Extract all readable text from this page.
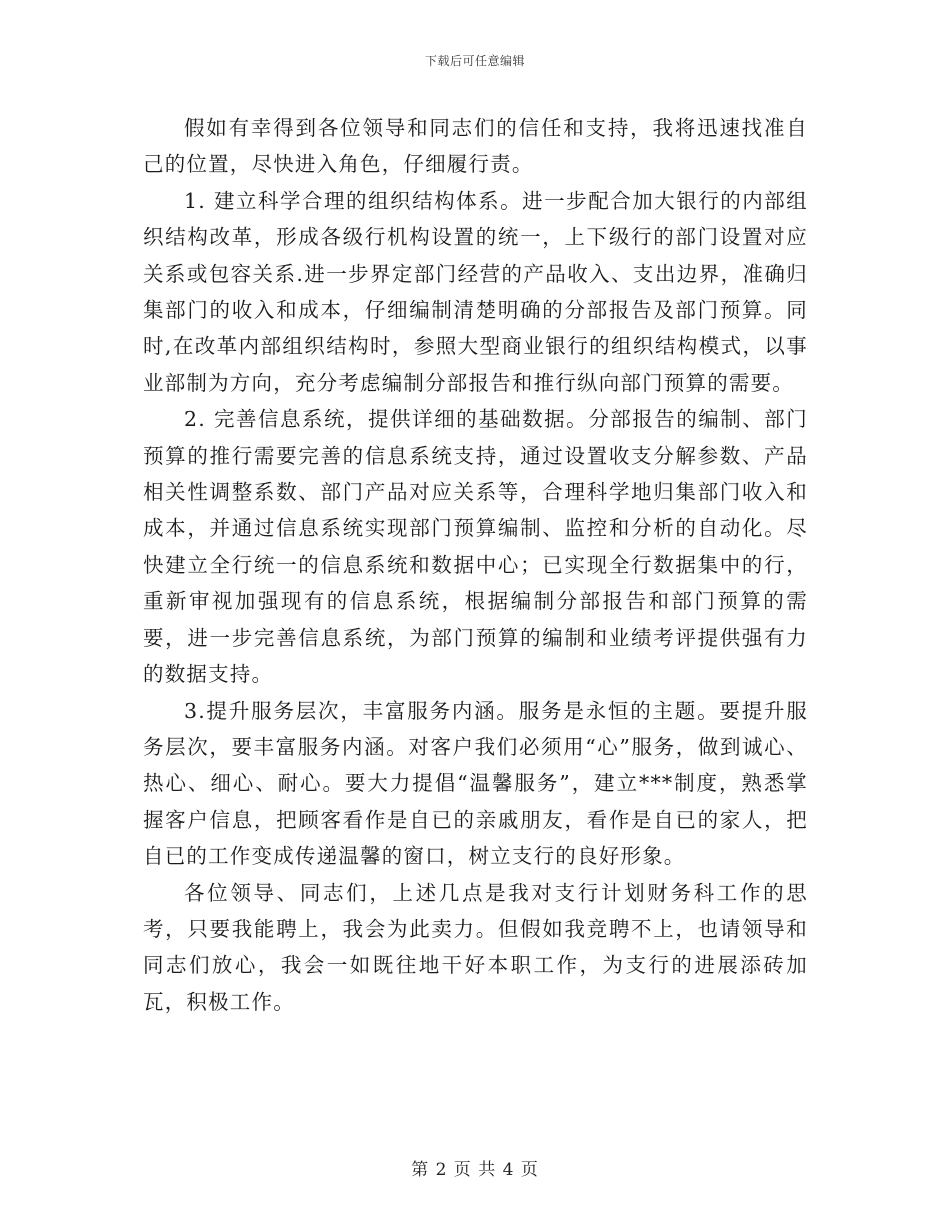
下载后可任意编辑

假如有幸得到各位领导和同志们的信任和支持，我将迅速找准自己的位置，尽快进入角色，仔细履行责。

1. 建立科学合理的组织结构体系。进一步配合加大银行的内部组织结构改革，形成各级行机构设置的统一，上下级行的部门设置对应关系或包容关系.进一步界定部门经营的产品收入、支出边界，准确归集部门的收入和成本，仔细编制清楚明确的分部报告及部门预算。同时,在改革内部组织结构时，参照大型商业银行的组织结构模式，以事业部制为方向，充分考虑编制分部报告和推行纵向部门预算的需要。

2. 完善信息系统，提供详细的基础数据。分部报告的编制、部门预算的推行需要完善的信息系统支持，通过设置收支分解参数、产品相关性调整系数、部门产品对应关系等，合理科学地归集部门收入和成本，并通过信息系统实现部门预算编制、监控和分析的自动化。尽快建立全行统一的信息系统和数据中心；已实现全行数据集中的行，重新审视加强现有的信息系统，根据编制分部报告和部门预算的需要，进一步完善信息系统，为部门预算的编制和业绩考评提供强有力的数据支持。

3.提升服务层次，丰富服务内涵。服务是永恒的主题。要提升服务层次，要丰富服务内涵。对客户我们必须用“心”服务，做到诚心、热心、细心、耐心。要大力提倡“温馨服务”，建立***制度，熟悉掌握客户信息，把顾客看作是自已的亲戚朋友，看作是自已的家人，把自已的工作变成传递温馨的窗口，树立支行的良好形象。

各位领导、同志们，上述几点是我对支行计划财务科工作的思考，只要我能聘上，我会为此卖力。但假如我竞聘不上，也请领导和同志们放心，我会一如既往地干好本职工作，为支行的进展添砖加瓦，积极工作。

第 2 页 共 4 页
